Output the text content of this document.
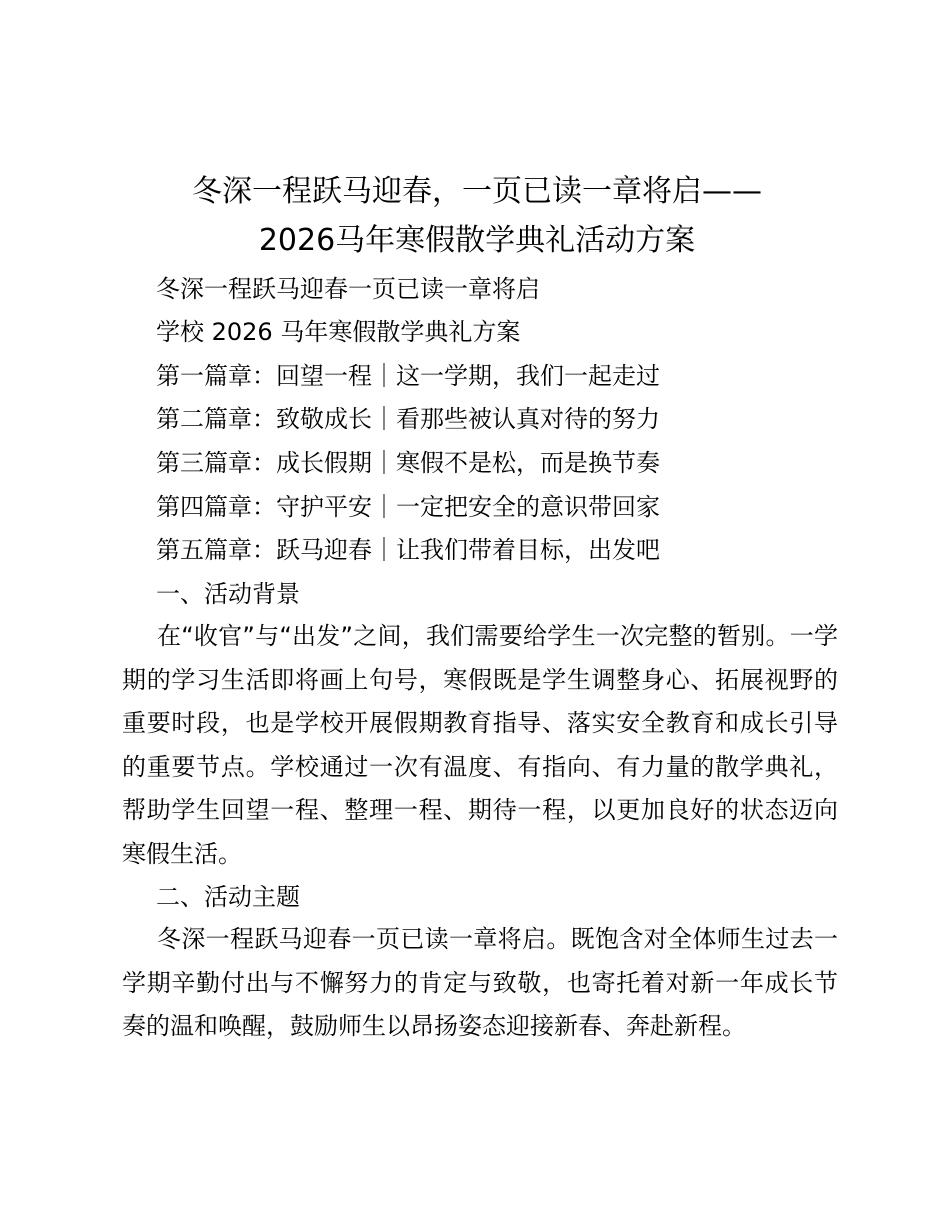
冬深一程跃马迎春，一页已读一章将启——
2026马年寒假散学典礼活动方案
冬深一程跃马迎春一页已读一章将启
学校 2026 马年寒假散学典礼方案
第一篇章：回望一程｜这一学期，我们一起走过
第二篇章：致敬成长｜看那些被认真对待的努力
第三篇章：成长假期｜寒假不是松，而是换节奏
第四篇章：守护平安｜一定把安全的意识带回家
第五篇章：跃马迎春｜让我们带着目标，出发吧
一、活动背景

在“收官”与“出发”之间，我们需要给学生一次完整的暂别。一学期的学习生活即将画上句号，寒假既是学生调整身心、拓展视野的重要时段，也是学校开展假期教育指导、落实安全教育和成长引导的重要节点。学校通过一次有温度、有指向、有力量的散学典礼，帮助学生回望一程、整理一程、期待一程，以更加良好的状态迈向寒假生活。

二、活动主题

冬深一程跃马迎春一页已读一章将启。既饱含对全体师生过去一学期辛勤付出与不懈努力的肯定与致敬，也寄托着对新一年成长节奏的温和唤醒，鼓励师生以昂扬姿态迎接新春、奔赴新程。
